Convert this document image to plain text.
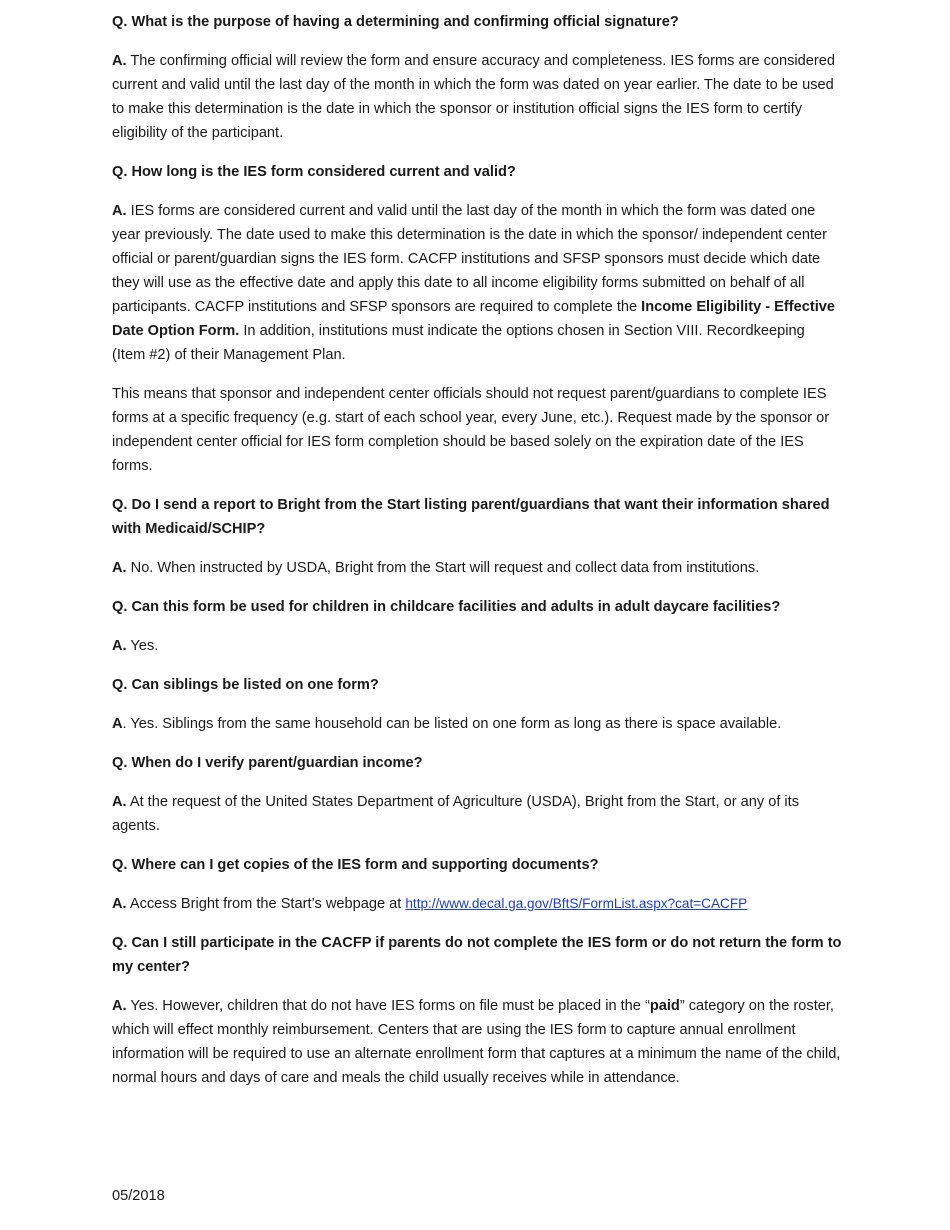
Q. What is the purpose of having a determining and confirming official signature?

A. The confirming official will review the form and ensure accuracy and completeness. IES forms are considered current and valid until the last day of the month in which the form was dated on year earlier. The date to be used to make this determination is the date in which the sponsor or institution official signs the IES form to certify eligibility of the participant.

Q. How long is the IES form considered current and valid?

A. IES forms are considered current and valid until the last day of the month in which the form was dated one year previously. The date used to make this determination is the date in which the sponsor/ independent center official or parent/guardian signs the IES form. CACFP institutions and SFSP sponsors must decide which date they will use as the effective date and apply this date to all income eligibility forms submitted on behalf of all participants. CACFP institutions and SFSP sponsors are required to complete the Income Eligibility - Effective Date Option Form. In addition, institutions must indicate the options chosen in Section VIII. Recordkeeping (Item #2) of their Management Plan.

This means that sponsor and independent center officials should not request parent/guardians to complete IES forms at a specific frequency (e.g. start of each school year, every June, etc.). Request made by the sponsor or independent center official for IES form completion should be based solely on the expiration date of the IES forms.

Q. Do I send a report to Bright from the Start listing parent/guardians that want their information shared with Medicaid/SCHIP?

A. No. When instructed by USDA, Bright from the Start will request and collect data from institutions.

Q. Can this form be used for children in childcare facilities and adults in adult daycare facilities?

A. Yes.

Q. Can siblings be listed on one form?

A. Yes. Siblings from the same household can be listed on one form as long as there is space available.

Q. When do I verify parent/guardian income?

A. At the request of the United States Department of Agriculture (USDA), Bright from the Start, or any of its agents.

Q. Where can I get copies of the IES form and supporting documents?

A. Access Bright from the Start’s webpage at http://www.decal.ga.gov/BftS/FormList.aspx?cat=CACFP

Q. Can I still participate in the CACFP if parents do not complete the IES form or do not return the form to my center?

A. Yes. However, children that do not have IES forms on file must be placed in the “paid” category on the roster, which will effect monthly reimbursement. Centers that are using the IES form to capture annual enrollment information will be required to use an alternate enrollment form that captures at a minimum the name of the child, normal hours and days of care and meals the child usually receives while in attendance.

05/2018
